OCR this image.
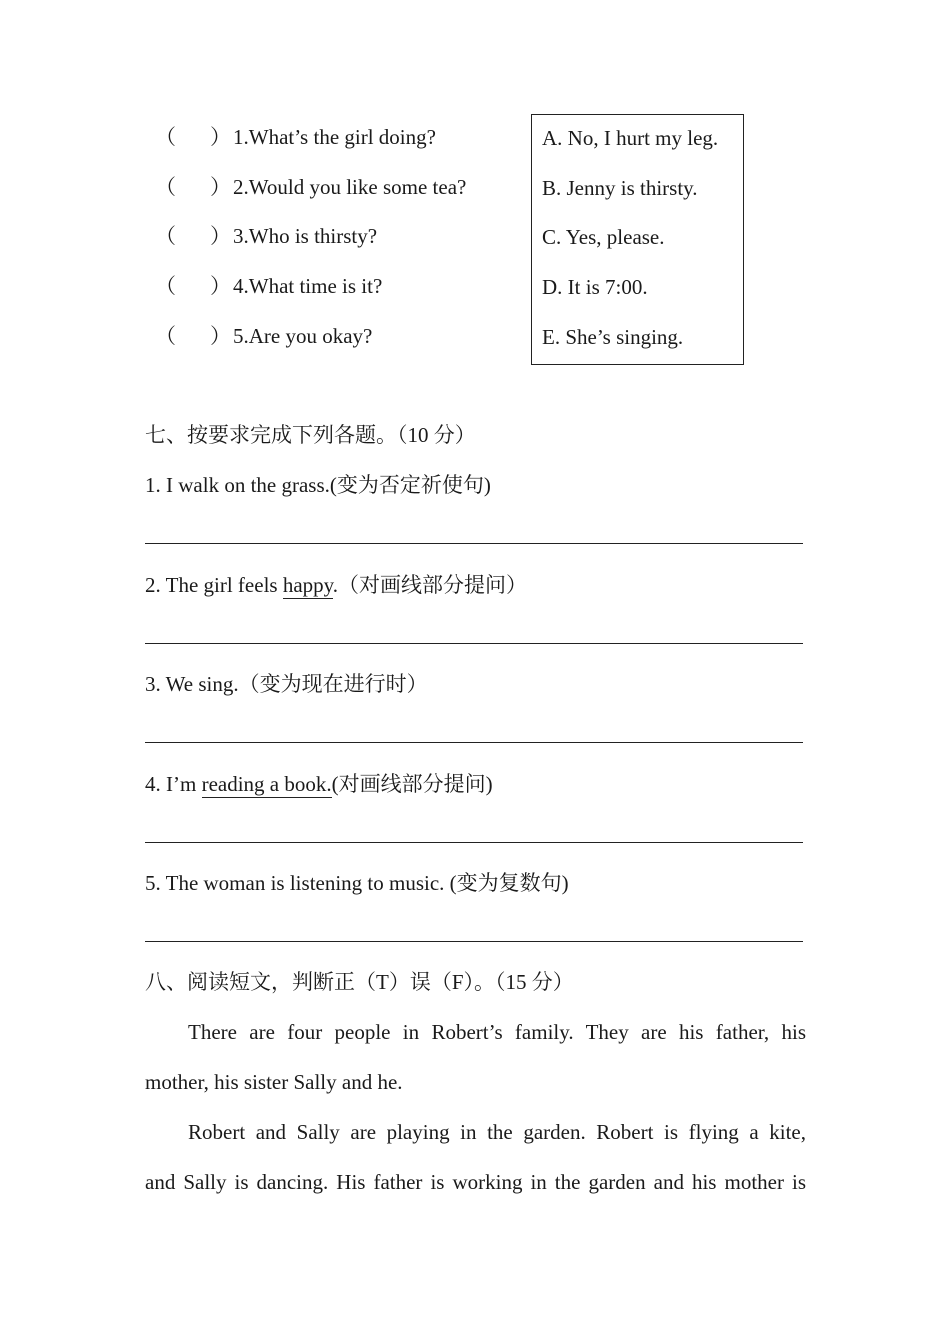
（ ） 1.What’s the girl doing?
（ ） 2.Would you like some tea?
（ ） 3.Who is thirsty?
（ ） 4.What time is it?
（ ） 5.Are you okay?
A. No, I hurt my leg.
B. Jenny is thirsty.
C. Yes, please.
D. It is 7:00.
E. She’s singing.
七、按要求完成下列各题。（10 分）
1. I walk on the grass.(变为否定祈使句)
2. The girl feels happy.（对画线部分提问）
3. We sing.（变为现在进行时）
4. I’m reading a book.(对画线部分提问)
5. The woman is listening to music. (变为复数句)
八、阅读短文，判断正（T）误（F）。（15 分）
There are four people in Robert’s family. They are his father, his
mother, his sister Sally and he.
Robert and Sally are playing in the garden. Robert is flying a kite,
and Sally is dancing. His father is working in the garden and his mother is
